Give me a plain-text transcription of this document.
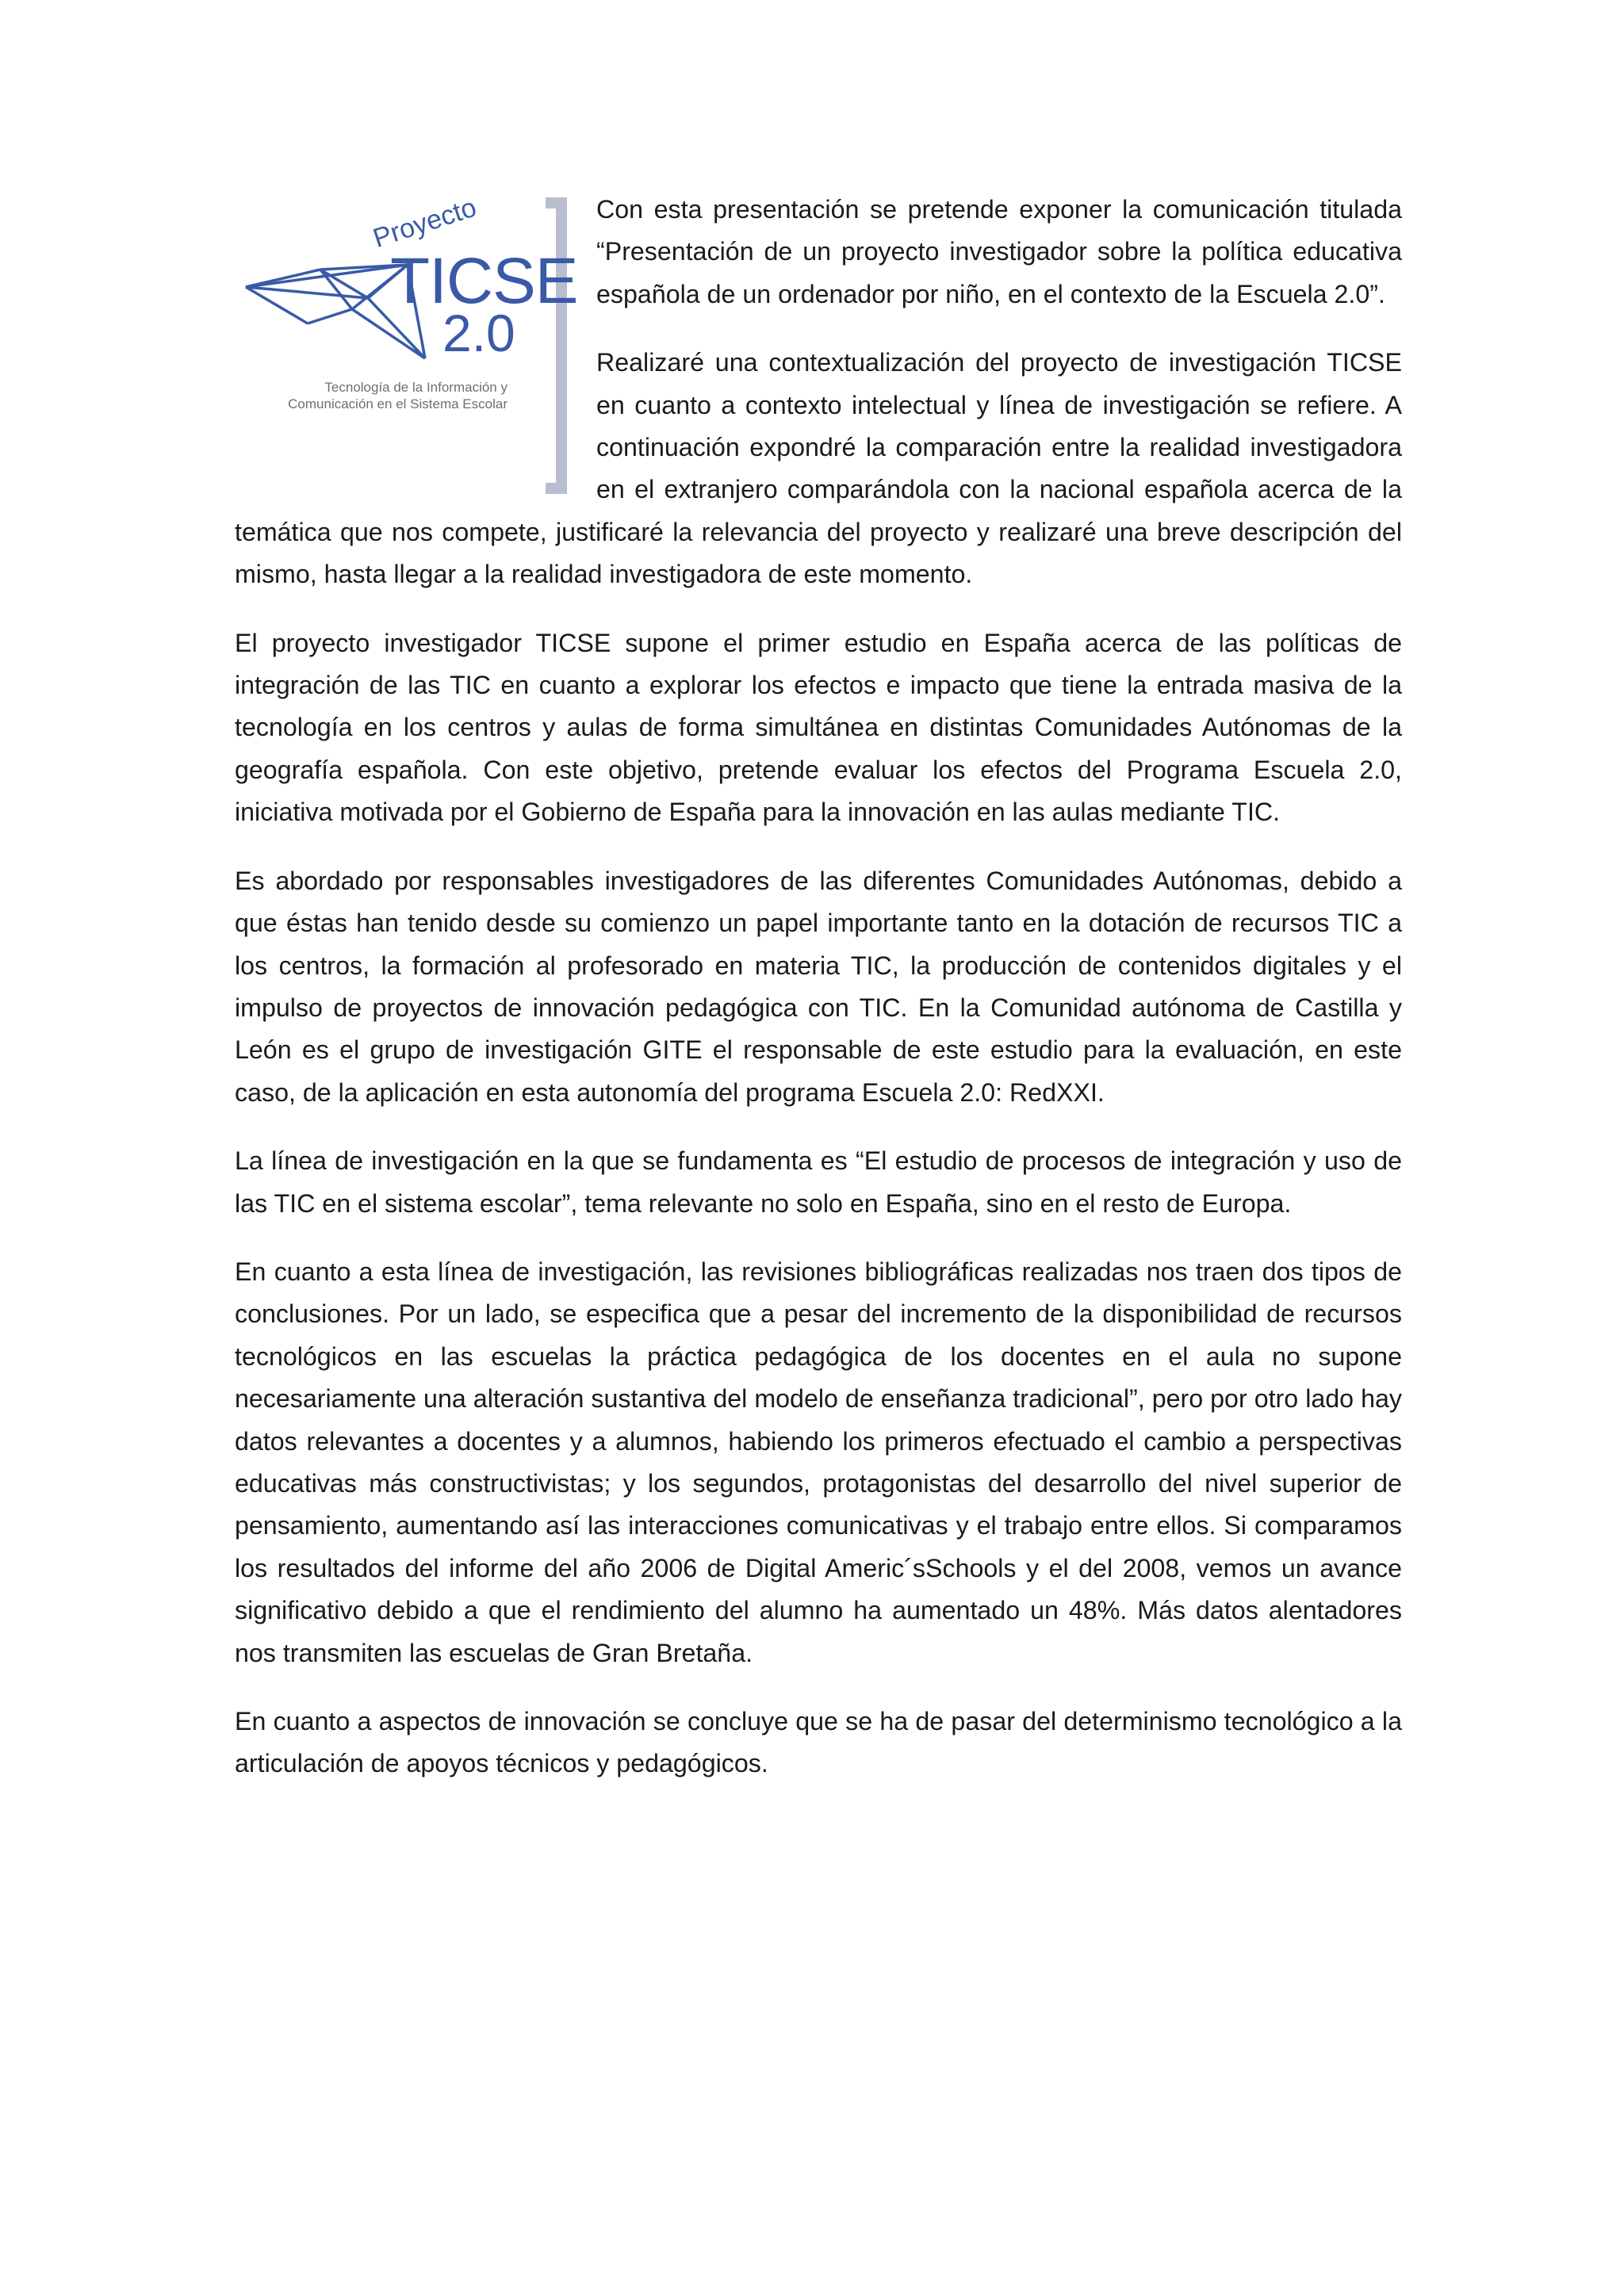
Proyecto
TICSE
2.0
Tecnología de la Información y
Comunicación en el Sistema Escolar

Con esta presentación se pretende exponer la comunicación titulada “Presentación de un proyecto investigador sobre la política educativa española de un ordenador por niño, en el contexto de la Escuela 2.0”.

Realizaré una contextualización del proyecto de investigación TICSE en cuanto a contexto intelectual y línea de investigación se refiere. A continuación expondré la comparación entre la realidad investigadora en el extranjero comparándola con la nacional española acerca de la temática que nos compete, justificaré la relevancia del proyecto y realizaré una breve descripción del mismo, hasta llegar a la realidad investigadora de este momento.

El proyecto investigador TICSE supone el primer estudio en España acerca de las políticas de integración de las TIC en cuanto a explorar los efectos e impacto que tiene la entrada masiva de la tecnología en los centros y aulas de forma simultánea en distintas Comunidades Autónomas de la geografía española. Con este objetivo, pretende evaluar los efectos del Programa Escuela 2.0, iniciativa motivada por el Gobierno de España para la innovación en las aulas mediante TIC.

Es abordado por responsables investigadores de las diferentes Comunidades Autónomas, debido a que éstas han tenido desde su comienzo un papel importante tanto en la dotación de recursos TIC a los centros, la formación al profesorado en materia TIC, la producción de contenidos digitales y el impulso de proyectos de innovación pedagógica con TIC. En la Comunidad autónoma de Castilla y León es el grupo de investigación GITE el responsable de este estudio para la evaluación, en este caso, de la aplicación en esta autonomía del programa Escuela 2.0: RedXXI.

La línea de investigación en la que se fundamenta es “El estudio de procesos de integración y uso de las TIC en el sistema escolar”, tema relevante no solo en España, sino en el resto de Europa.

En cuanto a esta línea de investigación, las revisiones bibliográficas realizadas nos traen dos tipos de conclusiones. Por un lado, se especifica que a pesar del incremento de la disponibilidad de recursos tecnológicos en las escuelas la práctica pedagógica de los docentes en el aula no supone necesariamente una alteración sustantiva del modelo de enseñanza tradicional”, pero por otro lado hay datos relevantes a docentes y a alumnos, habiendo los primeros efectuado el cambio a perspectivas educativas más constructivistas; y los segundos, protagonistas del desarrollo del nivel superior de pensamiento, aumentando así las interacciones comunicativas y el trabajo entre ellos. Si comparamos los resultados del informe del año 2006 de Digital Americ´sSchools y el del 2008, vemos un avance significativo debido a que el rendimiento del alumno ha aumentado un 48%. Más datos alentadores nos transmiten las escuelas de Gran Bretaña.

En cuanto a aspectos de innovación se concluye que se ha de pasar del determinismo tecnológico a la articulación de apoyos técnicos y pedagógicos.
